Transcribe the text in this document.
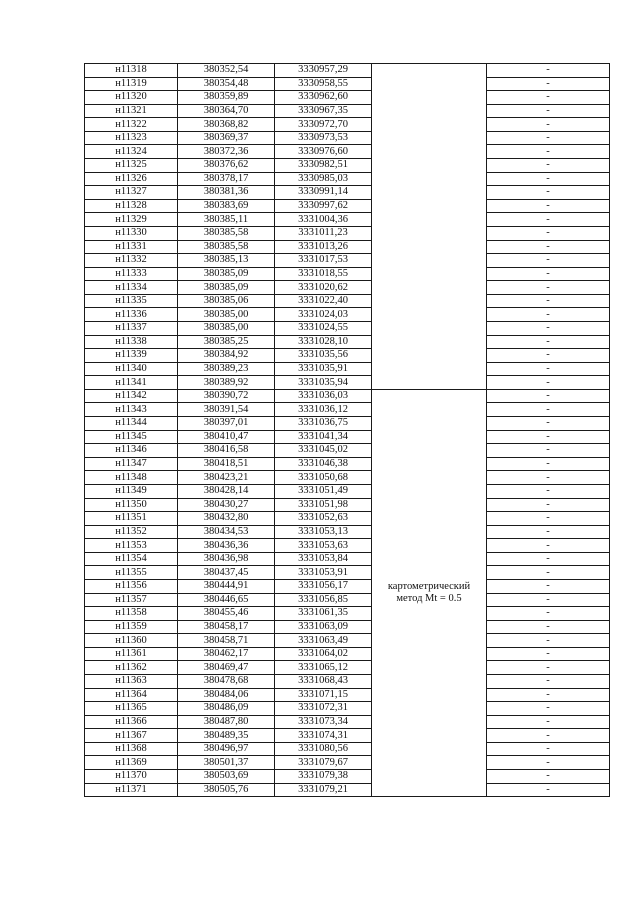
н11318	380352,54	3330957,29		-
н11319	380354,48	3330958,55		-
н11320	380359,89	3330962,60		-
н11321	380364,70	3330967,35		-
н11322	380368,82	3330972,70		-
н11323	380369,37	3330973,53		-
н11324	380372,36	3330976,60		-
н11325	380376,62	3330982,51		-
н11326	380378,17	3330985,03		-
н11327	380381,36	3330991,14		-
н11328	380383,69	3330997,62		-
н11329	380385,11	3331004,36		-
н11330	380385,58	3331011,23		-
н11331	380385,58	3331013,26		-
н11332	380385,13	3331017,53		-
н11333	380385,09	3331018,55		-
н11334	380385,09	3331020,62		-
н11335	380385,06	3331022,40		-
н11336	380385,00	3331024,03		-
н11337	380385,00	3331024,55		-
н11338	380385,25	3331028,10		-
н11339	380384,92	3331035,56		-
н11340	380389,23	3331035,91		-
н11341	380389,92	3331035,94		-
н11342	380390,72	3331036,03	картометрический
метод Mt = 0.5	-
н11343	380391,54	3331036,12		-
н11344	380397,01	3331036,75		-
н11345	380410,47	3331041,34		-
н11346	380416,58	3331045,02		-
н11347	380418,51	3331046,38		-
н11348	380423,21	3331050,68		-
н11349	380428,14	3331051,49		-
н11350	380430,27	3331051,98		-
н11351	380432,80	3331052,63		-
н11352	380434,53	3331053,13		-
н11353	380436,36	3331053,63		-
н11354	380436,98	3331053,84		-
н11355	380437,45	3331053,91		-
н11356	380444,91	3331056,17		-
н11357	380446,65	3331056,85		-
н11358	380455,46	3331061,35		-
н11359	380458,17	3331063,09		-
н11360	380458,71	3331063,49		-
н11361	380462,17	3331064,02		-
н11362	380469,47	3331065,12		-
н11363	380478,68	3331068,43		-
н11364	380484,06	3331071,15		-
н11365	380486,09	3331072,31		-
н11366	380487,80	3331073,34		-
н11367	380489,35	3331074,31		-
н11368	380496,97	3331080,56		-
н11369	380501,37	3331079,67		-
н11370	380503,69	3331079,38		-
н11371	380505,76	3331079,21		-
